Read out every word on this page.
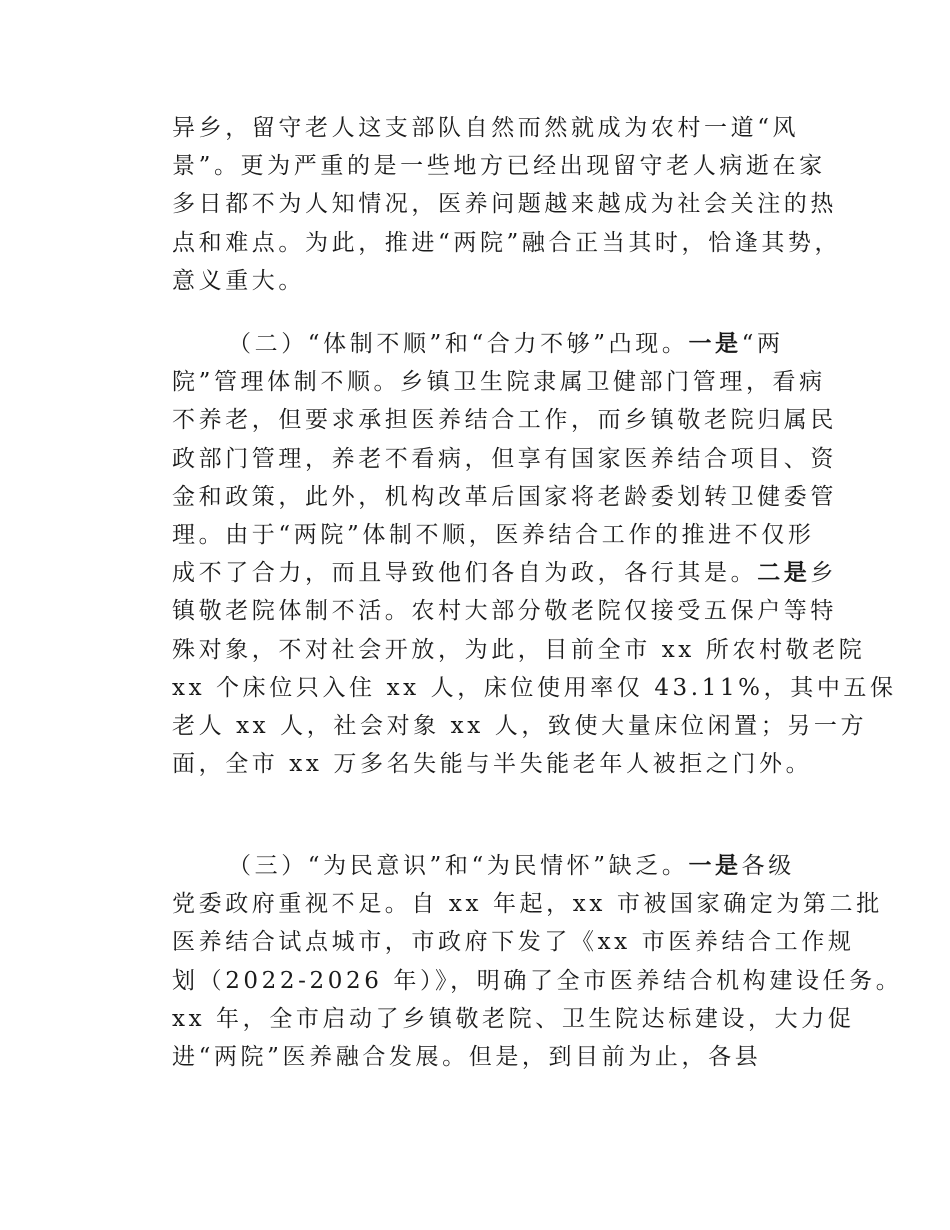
异乡，留守老人这支部队自然而然就成为农村一道“风
景”。更为严重的是一些地方已经出现留守老人病逝在家
多日都不为人知情况，医养问题越来越成为社会关注的热
点和难点。为此，推进“两院”融合正当其时，恰逢其势，
意义重大。
（二）“体制不顺”和“合力不够”凸现。一是“两
院”管理体制不顺。乡镇卫生院隶属卫健部门管理，看病
不养老，但要求承担医养结合工作，而乡镇敬老院归属民
政部门管理，养老不看病，但享有国家医养结合项目、资
金和政策，此外，机构改革后国家将老龄委划转卫健委管
理。由于“两院”体制不顺，医养结合工作的推进不仅形
成不了合力，而且导致他们各自为政，各行其是。二是乡
镇敬老院体制不活。农村大部分敬老院仅接受五保户等特
殊对象，不对社会开放，为此，目前全市 xx 所农村敬老院
xx 个床位只入住 xx 人，床位使用率仅 43.11%，其中五保
老人 xx 人，社会对象 xx 人，致使大量床位闲置；另一方
面，全市 xx 万多名失能与半失能老年人被拒之门外。
（三）“为民意识”和“为民情怀”缺乏。一是各级
党委政府重视不足。自 xx 年起，xx 市被国家确定为第二批
医养结合试点城市，市政府下发了《xx 市医养结合工作规
划（2022-2026 年）》，明确了全市医养结合机构建设任务。
xx 年，全市启动了乡镇敬老院、卫生院达标建设，大力促
进“两院”医养融合发展。但是，到目前为止，各县
